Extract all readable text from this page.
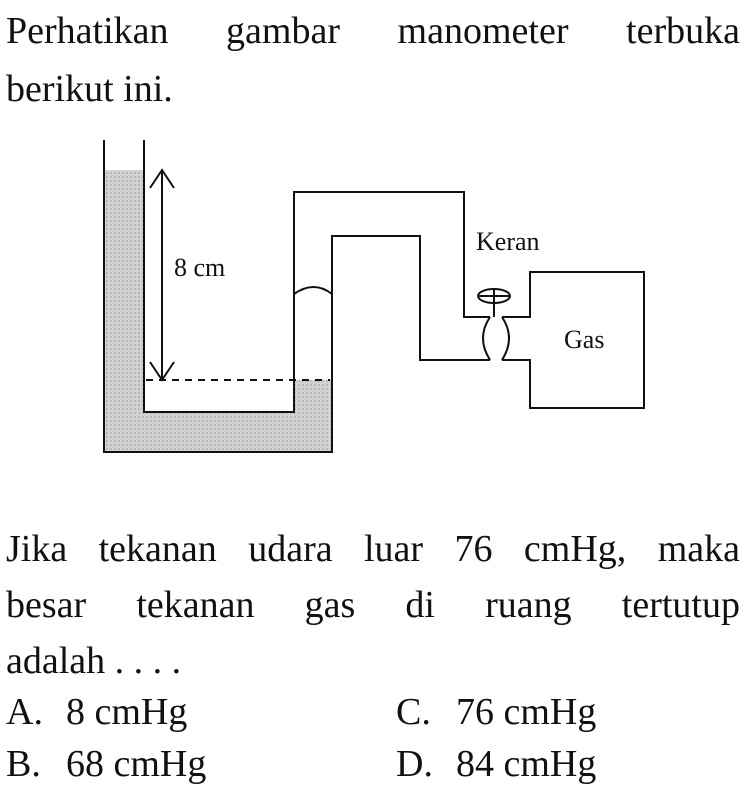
Perhatikan gambar manometer terbuka

berikut ini.

8 cm
Keran
Gas

Jika tekanan udara luar 76 cmHg, maka

besar tekanan gas di ruang tertutup

adalah . . . .

A. 8 cmHg
B. 68 cmHg
C. 76 cmHg
D. 84 cmHg
